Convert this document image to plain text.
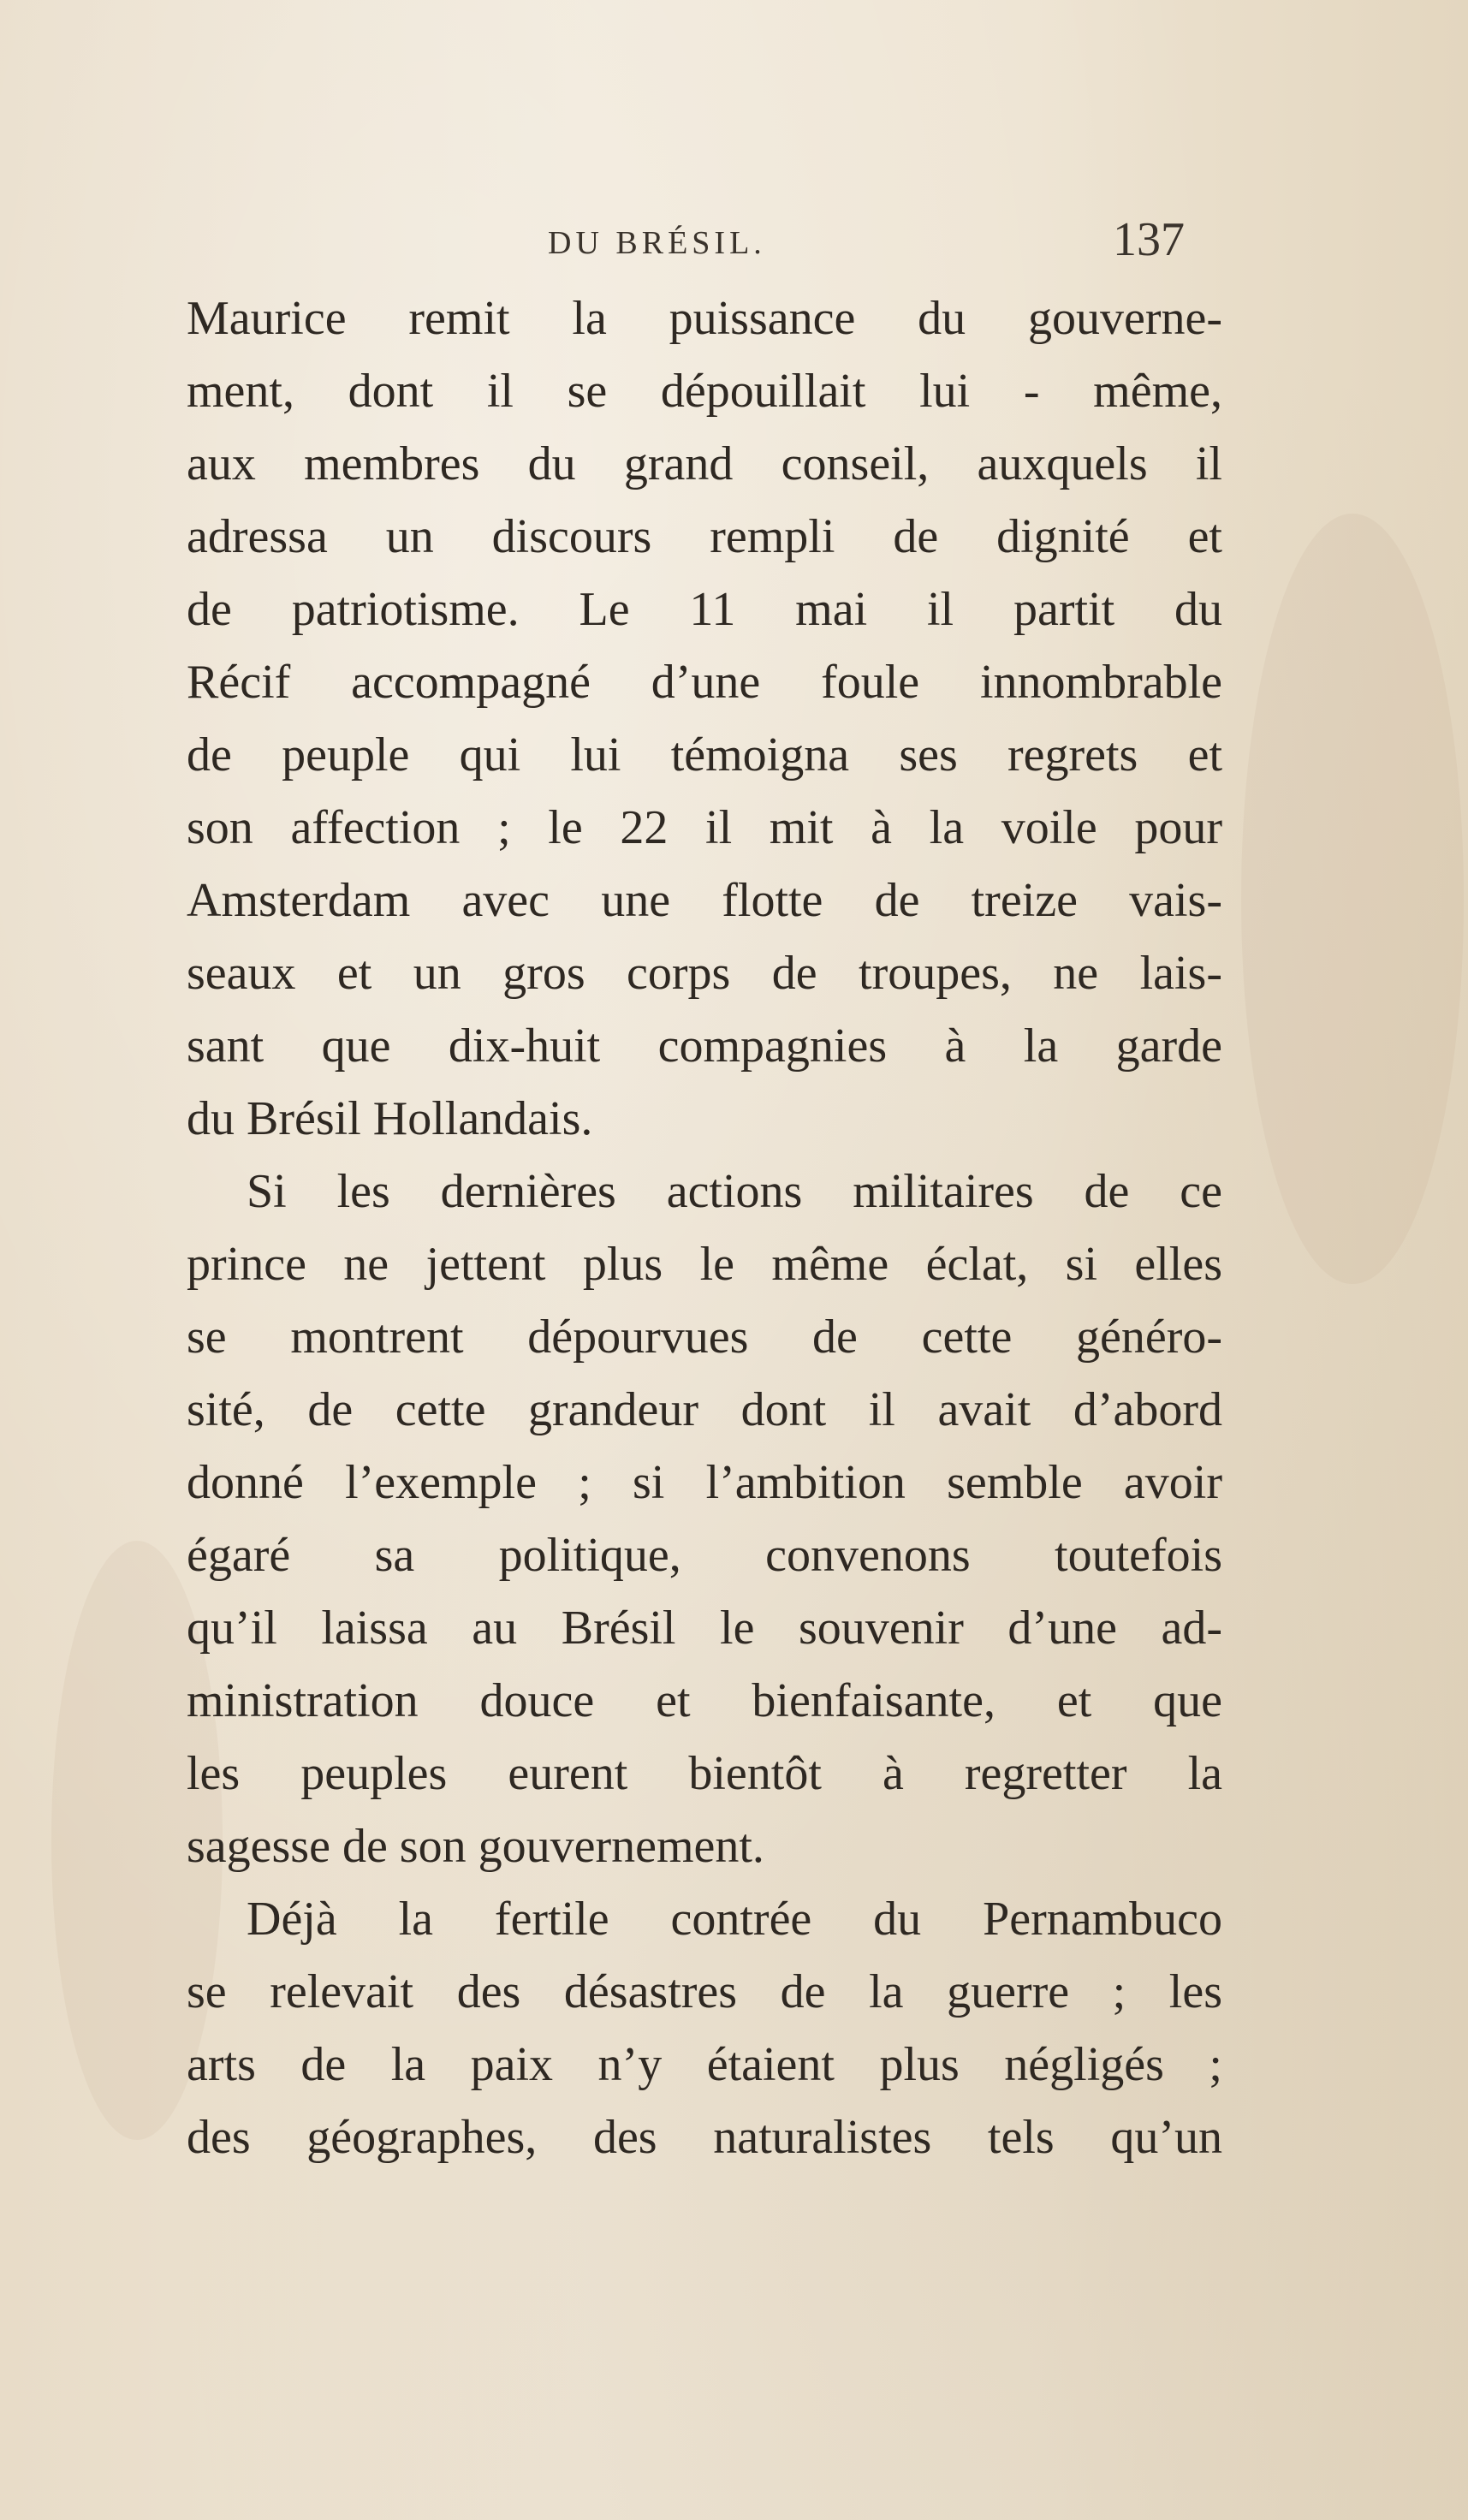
DU BRÉSIL.	137
Maurice remit la puissance du gouverne-
ment, dont il se dépouillait lui - même,
aux membres du grand conseil, auxquels il
adressa un discours rempli de dignité et
de patriotisme. Le 11 mai il partit du
Récif accompagné d’une foule innombrable
de peuple qui lui témoigna ses regrets et
son affection ; le 22 il mit à la voile pour
Amsterdam avec une flotte de treize vais-
seaux et un gros corps de troupes, ne lais-
sant que dix-huit compagnies à la garde
du Brésil Hollandais.
Si les dernières actions militaires de ce
prince ne jettent plus le même éclat, si elles
se montrent dépourvues de cette généro-
sité, de cette grandeur dont il avait d’abord
donné l’exemple ; si l’ambition semble avoir
égaré sa politique, convenons toutefois
qu’il laissa au Brésil le souvenir d’une ad-
ministration douce et bienfaisante, et que
les peuples eurent bientôt à regretter la
sagesse de son gouvernement.
Déjà la fertile contrée du Pernambuco
se relevait des désastres de la guerre ; les
arts de la paix n’y étaient plus négligés ;
des géographes, des naturalistes tels qu’un
